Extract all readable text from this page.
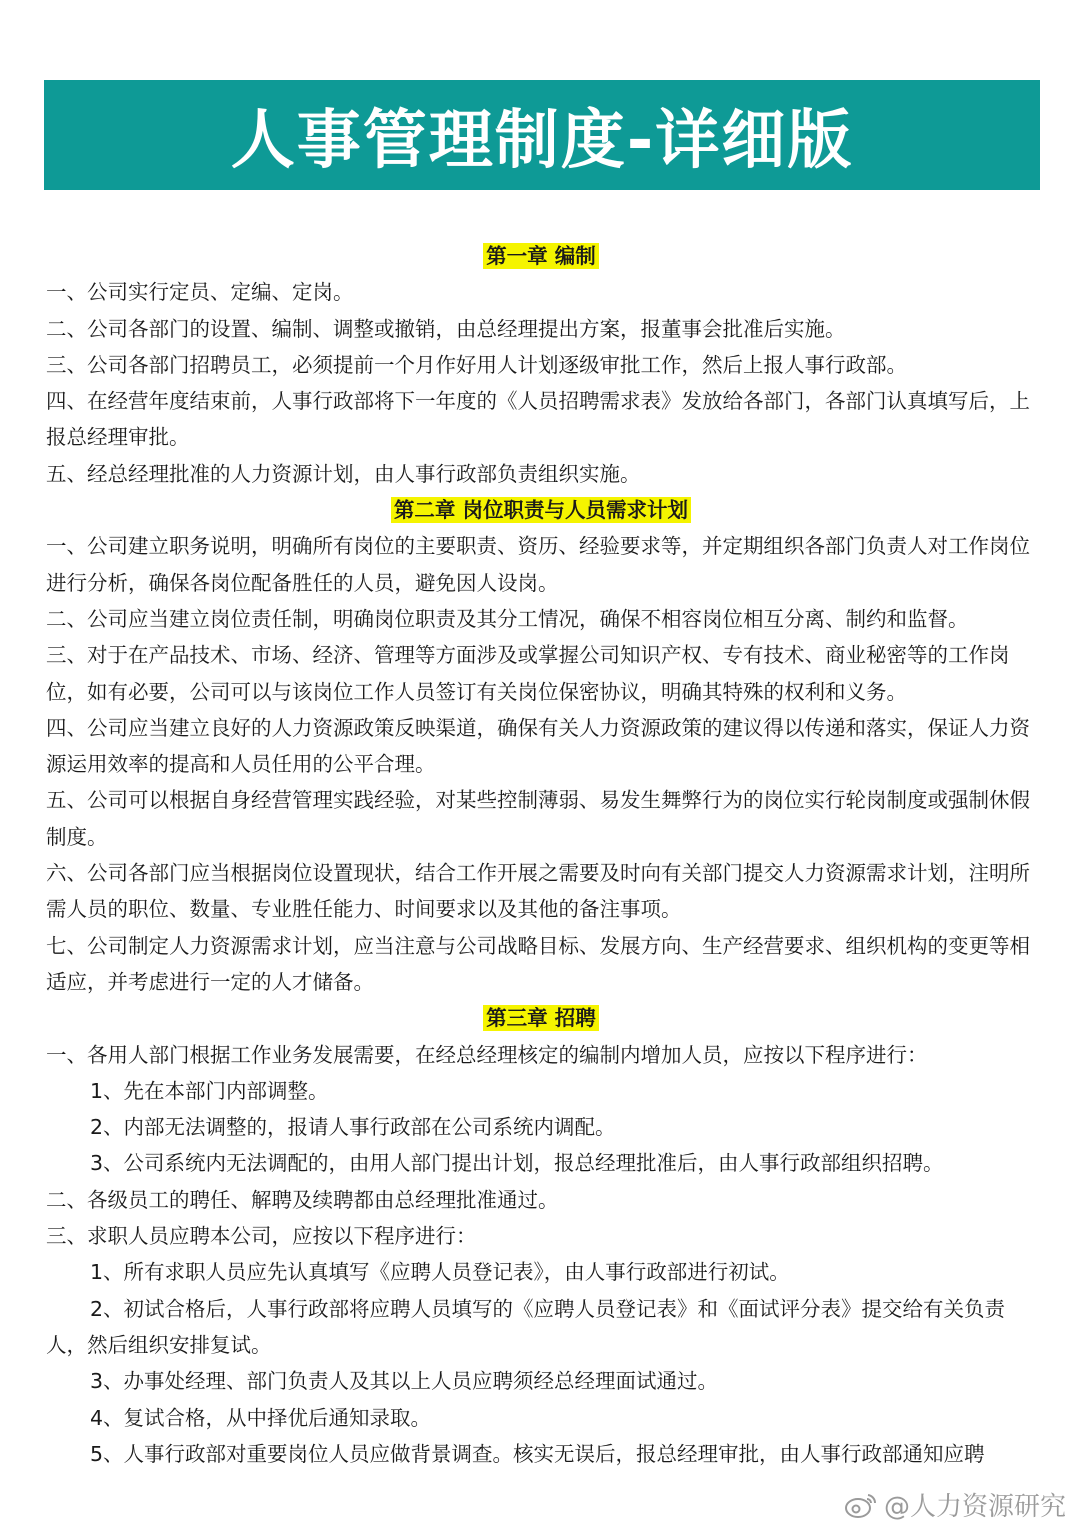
人事管理制度-详细版

第一章 编制

一、公司实行定员、定编、定岗。

二、公司各部门的设置、编制、调整或撤销，由总经理提出方案，报董事会批准后实施。

三、公司各部门招聘员工，必须提前一个月作好用人计划逐级审批工作，然后上报人事行政部。

四、在经营年度结束前，人事行政部将下一年度的《人员招聘需求表》发放给各部门，各部门认真填写后，上报总经理审批。

五、经总经理批准的人力资源计划，由人事行政部负责组织实施。

第二章 岗位职责与人员需求计划

一、公司建立职务说明，明确所有岗位的主要职责、资历、经验要求等，并定期组织各部门负责人对工作岗位进行分析，确保各岗位配备胜任的人员，避免因人设岗。

二、公司应当建立岗位责任制，明确岗位职责及其分工情况，确保不相容岗位相互分离、制约和监督。

三、对于在产品技术、市场、经济、管理等方面涉及或掌握公司知识产权、专有技术、商业秘密等的工作岗位，如有必要，公司可以与该岗位工作人员签订有关岗位保密协议，明确其特殊的权利和义务。

四、公司应当建立良好的人力资源政策反映渠道，确保有关人力资源政策的建议得以传递和落实，保证人力资源运用效率的提高和人员任用的公平合理。

五、公司可以根据自身经营管理实践经验，对某些控制薄弱、易发生舞弊行为的岗位实行轮岗制度或强制休假制度。

六、公司各部门应当根据岗位设置现状，结合工作开展之需要及时向有关部门提交人力资源需求计划，注明所需人员的职位、数量、专业胜任能力、时间要求以及其他的备注事项。

七、公司制定人力资源需求计划，应当注意与公司战略目标、发展方向、生产经营要求、组织机构的变更等相适应，并考虑进行一定的人才储备。

第三章 招聘

一、各用人部门根据工作业务发展需要，在经总经理核定的编制内增加人员，应按以下程序进行：

1、先在本部门内部调整。

2、内部无法调整的，报请人事行政部在公司系统内调配。

3、公司系统内无法调配的，由用人部门提出计划，报总经理批准后，由人事行政部组织招聘。

二、各级员工的聘任、解聘及续聘都由总经理批准通过。

三、求职人员应聘本公司，应按以下程序进行：

1、所有求职人员应先认真填写《应聘人员登记表》，由人事行政部进行初试。

2、初试合格后，人事行政部将应聘人员填写的《应聘人员登记表》和《面试评分表》提交给有关负责人，然后组织安排复试。

3、办事处经理、部门负责人及其以上人员应聘须经总经理面试通过。

4、复试合格，从中择优后通知录取。

5、人事行政部对重要岗位人员应做背景调查。核实无误后，报总经理审批，由人事行政部通知应聘

@人力资源研究
